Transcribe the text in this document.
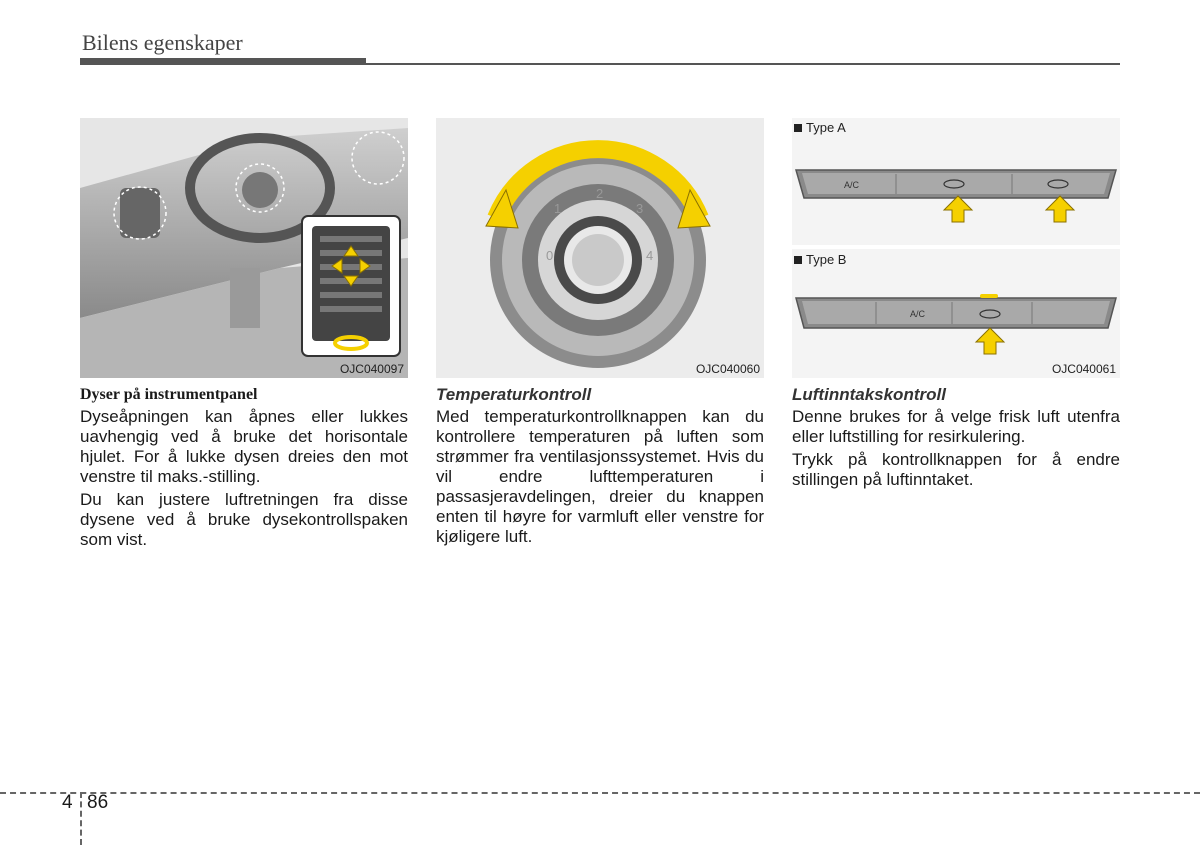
Bilens egenskaper
OJC040097
0
1
2
3
4
OJC040060
Type A
Type B
A/C
A/C
OJC040061
Dyser på instrumentpanel

Dyseåpningen kan åpnes eller lukkes uavhengig ved å bruke det horisontale hjulet. For å lukke dysen dreies den mot venstre til maks.-stilling.

Du kan justere luftretningen fra disse dysene ved å bruke dysekontrollspaken som vist.

Temperaturkontroll

Med temperaturkontrollknappen kan du kontrollere temperaturen på luften som strømmer fra ventilasjonssystemet. Hvis du vil endre lufttemperaturen i passasjeravdelingen, dreier du knappen enten til høyre for varmluft eller venstre for kjøligere luft.

Luftinntakskontroll

Denne brukes for å velge frisk luft utenfra eller luftstilling for resirkulering.

Trykk på kontrollknappen for å endre stillingen på luftinntaket.

4 86
